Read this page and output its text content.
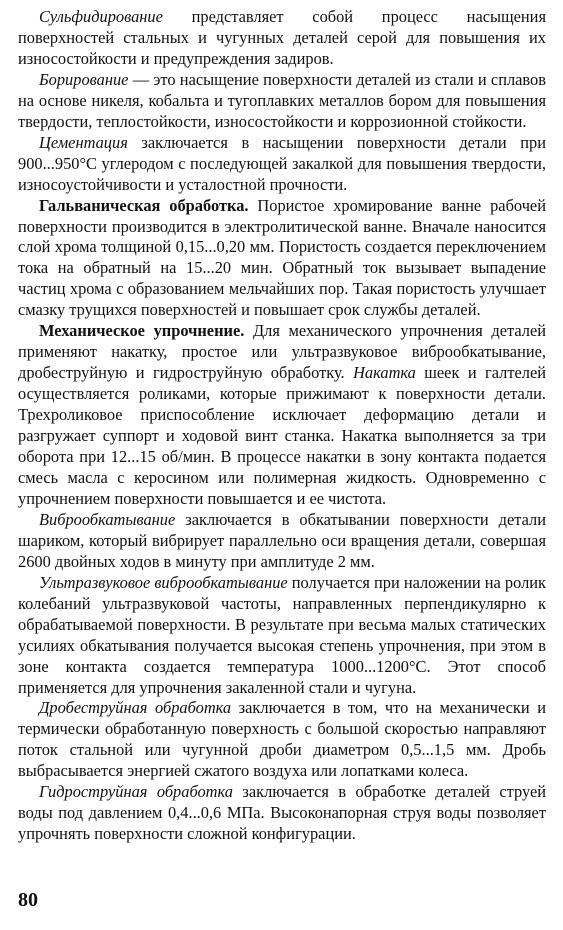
Сульфидирование представляет собой процесс насыщения поверхностей стальных и чугунных деталей серой для повышения их износостойкости и предупреждения задиров.

Борирование — это насыщение поверхности деталей из стали и сплавов на основе никеля, кобальта и тугоплавких металлов бором для повышения твердости, теплостойкости, износостойкости и коррозионной стойкости.

Цементация заключается в насыщении поверхности детали при 900...950°С углеродом с последующей закалкой для повышения твердости, износоустойчивости и усталостной прочности.

Гальваническая обработка. Пористое хромирование ванне рабочей поверхности производится в электролитической ванне. Вначале наносится слой хрома толщиной 0,15...0,20 мм. Пористость создается переключением тока на обратный на 15...20 мин. Обратный ток вызывает выпадение частиц хрома с образованием мельчайших пор. Такая пористость улучшает смазку трущихся поверхностей и повышает срок службы деталей.

Механическое упрочнение. Для механического упрочнения деталей применяют накатку, простое или ультразвуковое виброобкатывание, дробеструйную и гидроструйную обработку. Накатка шеек и галтелей осуществляется роликами, которые прижимают к поверхности детали. Трехроликовое приспособление исключает деформацию детали и разгружает суппорт и ходовой винт станка. Накатка выполняется за три оборота при 12...15 об/мин. В процессе накатки в зону контакта подается смесь масла с керосином или полимерная жидкость. Одновременно с упрочнением поверхности повышается и ее чистота.

Виброобкатывание заключается в обкатывании поверхности детали шариком, который вибрирует параллельно оси вращения детали, совершая 2600 двойных ходов в минуту при амплитуде 2 мм.

Ультразвуковое виброобкатывание получается при наложении на ролик колебаний ультразвуковой частоты, направленных перпендикулярно к обрабатываемой поверхности. В результате при весьма малых статических усилиях обкатывания получается высокая степень упрочнения, при этом в зоне контакта создается температура 1000...1200°С. Этот способ применяется для упрочнения закаленной стали и чугуна.

Дробеструйная обработка заключается в том, что на механически и термически обработанную поверхность с большой скоростью направляют поток стальной или чугунной дроби диаметром 0,5...1,5 мм. Дробь выбрасывается энергией сжатого воздуха или лопатками колеса.

Гидроструйная обработка заключается в обработке деталей струей воды под давлением 0,4...0,6 МПа. Высоконапорная струя воды позволяет упрочнять поверхности сложной конфигурации.

80
